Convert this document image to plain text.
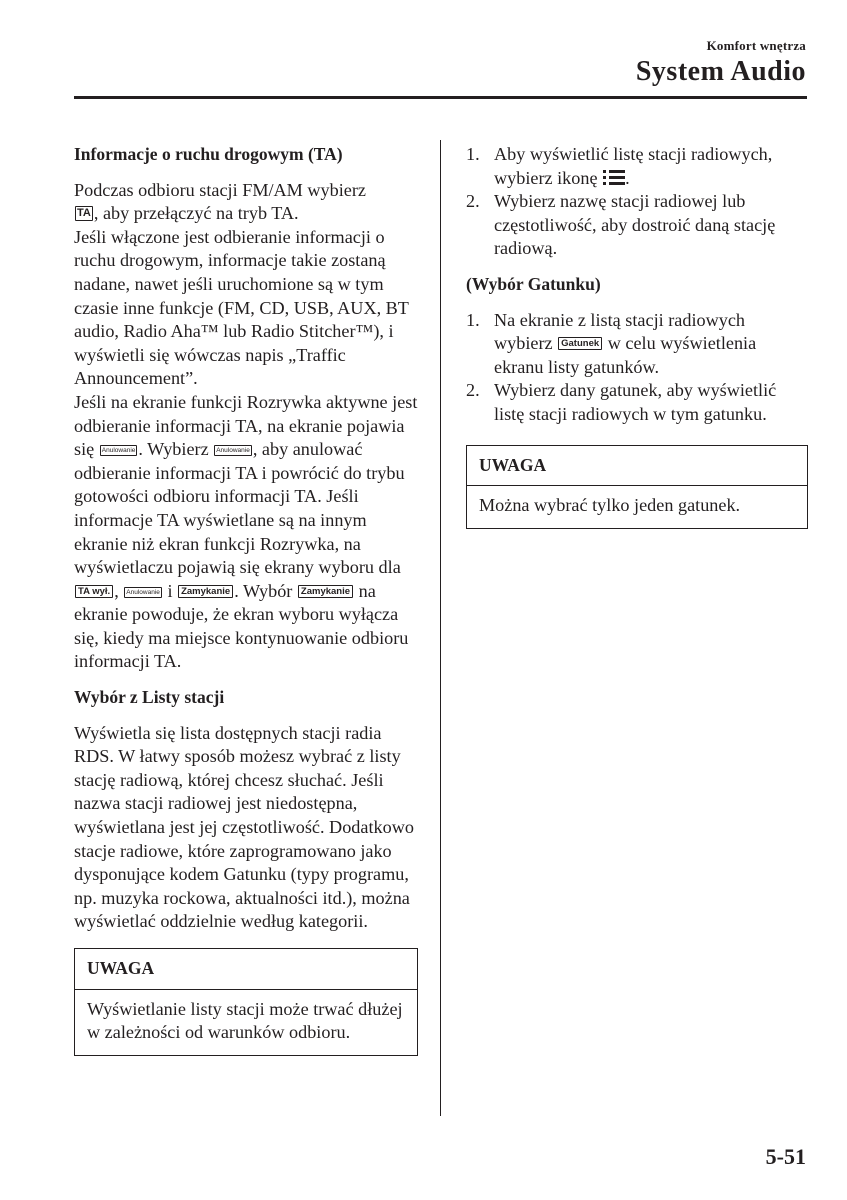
Komfort wnętrza
System Audio
Informacje o ruchu drogowym (TA)
Podczas odbioru stacji FM/AM wybierz
TA , aby przełączyć na tryb TA.
Jeśli włączone jest odbieranie informacji o ruchu drogowym, informacje takie zostaną nadane, nawet jeśli uruchomione są w tym czasie inne funkcje (FM, CD, USB, AUX, BT audio, Radio Aha™ lub Radio Stitcher™), i wyświetli się wówczas napis „Traffic Announcement”.
Jeśli na ekranie funkcji Rozrywka aktywne jest odbieranie informacji TA, na ekranie pojawia się Anulowanie . Wybierz Anulowanie , aby anulować odbieranie informacji TA i powrócić do trybu gotowości odbioru informacji TA. Jeśli informacje TA wyświetlane są na innym ekranie niż ekran funkcji Rozrywka, na wyświetlaczu pojawią się ekrany wyboru dla TA wył. , Anulowanie i Zamykanie . Wybór Zamykanie na ekranie powoduje, że ekran wyboru wyłącza się, kiedy ma miejsce kontynuowanie odbioru informacji TA.
Wybór z Listy stacji
Wyświetla się lista dostępnych stacji radia RDS. W łatwy sposób możesz wybrać z listy stację radiową, której chcesz słuchać. Jeśli nazwa stacji radiowej jest niedostępna, wyświetlana jest jej częstotliwość. Dodatkowo stacje radiowe, które zaprogramowano jako dysponujące kodem Gatunku (typy programu, np. muzyka rockowa, aktualności itd.), można wyświetlać oddzielnie według kategorii.
UWAGA
Wyświetlanie listy stacji może trwać dłużej w zależności od warunków odbioru.
1. Aby wyświetlić listę stacji radiowych, wybierz ikonę .
2. Wybierz nazwę stacji radiowej lub częstotliwość, aby dostroić daną stację radiową.
(Wybór Gatunku)
1. Na ekranie z listą stacji radiowych wybierz Gatunek w celu wyświetlenia ekranu listy gatunków.
2. Wybierz dany gatunek, aby wyświetlić listę stacji radiowych w tym gatunku.
UWAGA
Można wybrać tylko jeden gatunek.
5-51
